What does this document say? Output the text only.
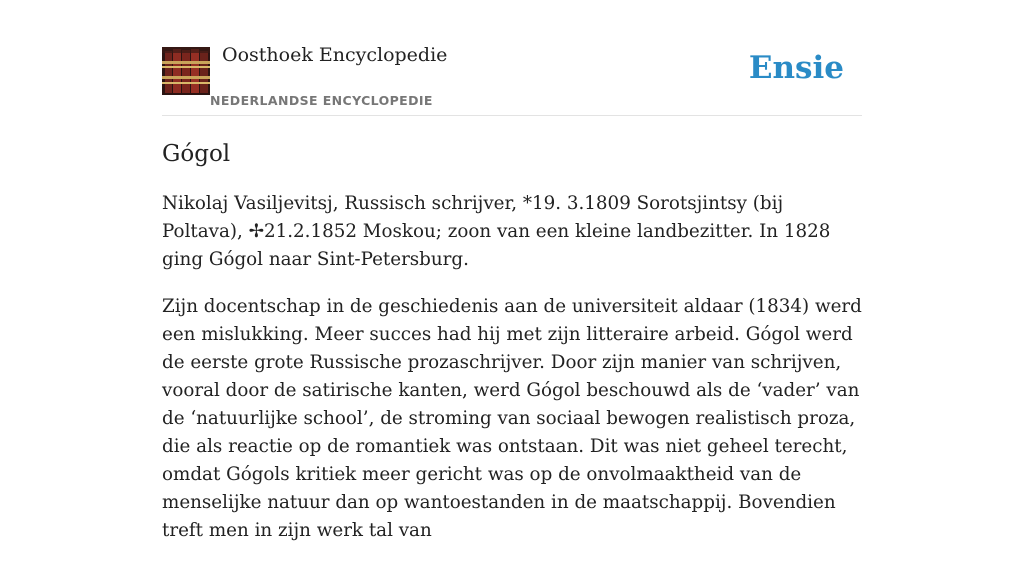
Oosthoek Encyclopedie
NEDERLANDSE ENCYCLOPEDIE
Ensie
Gógol

Nikolaj Vasiljevitsj, Russisch schrijver, *19. 3.1809 Sorotsjintsy (bij Poltava), ✢21.2.1852 Moskou; zoon van een kleine landbezitter. In 1828 ging Gógol naar Sint-Petersburg.

Zijn docentschap in de geschiedenis aan de universiteit aldaar (1834) werd een mislukking. Meer succes had hij met zijn litteraire arbeid. Gógol werd de eerste grote Russische prozaschrijver. Door zijn manier van schrijven, vooral door de satirische kanten, werd Gógol beschouwd als de ‘vader’ van de ‘natuurlijke school’, de stroming van sociaal bewogen realistisch proza, die als reactie op de romantiek was ontstaan. Dit was niet geheel terecht, omdat Gógols kritiek meer gericht was op de onvolmaaktheid van de menselijke natuur dan op wantoestanden in de maatschappij. Bovendien treft men in zijn werk tal van
